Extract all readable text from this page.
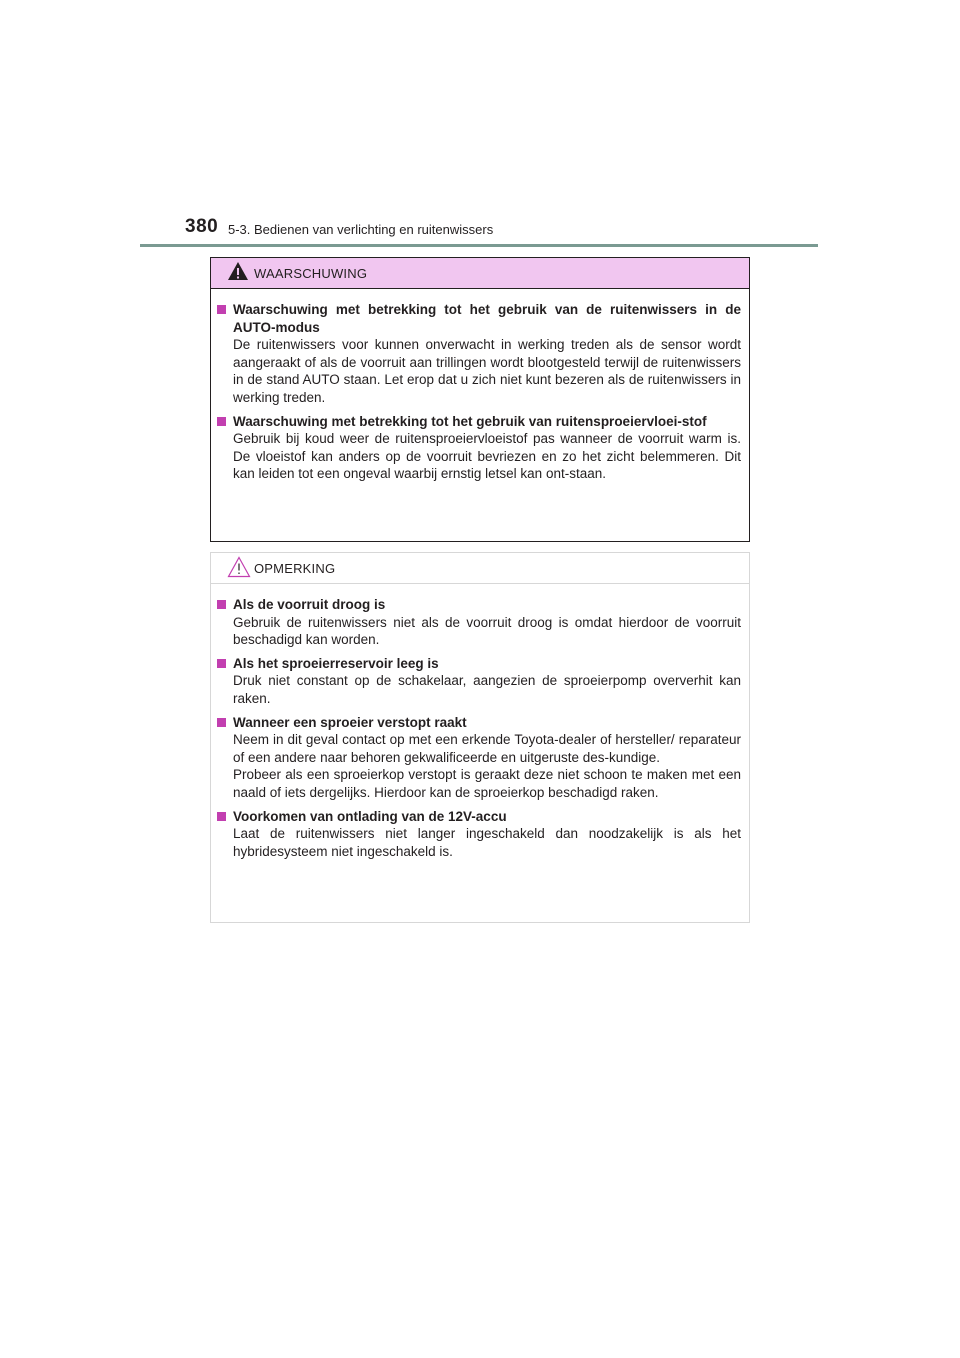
380 5-3. Bedienen van verlichting en ruitenwissers
WAARSCHUWING
Waarschuwing met betrekking tot het gebruik van de ruitenwissers in de AUTO-modus

De ruitenwissers voor kunnen onverwacht in werking treden als de sensor wordt aangeraakt of als de voorruit aan trillingen wordt blootgesteld terwijl de ruitenwissers in de stand AUTO staan. Let erop dat u zich niet kunt bezeren als de ruitenwissers in werking treden.

Waarschuwing met betrekking tot het gebruik van ruitensproeiervloei-stof

Gebruik bij koud weer de ruitensproeiervloeistof pas wanneer de voorruit warm is. De vloeistof kan anders op de voorruit bevriezen en zo het zicht belemmeren. Dit kan leiden tot een ongeval waarbij ernstig letsel kan ont-staan.

OPMERKING
Als de voorruit droog is

Gebruik de ruitenwissers niet als de voorruit droog is omdat hierdoor de voorruit beschadigd kan worden.

Als het sproeierreservoir leeg is

Druk niet constant op de schakelaar, aangezien de sproeierpomp oververhit kan raken.

Wanneer een sproeier verstopt raakt

Neem in dit geval contact op met een erkende Toyota-dealer of hersteller/ reparateur of een andere naar behoren gekwalificeerde en uitgeruste des-kundige.

Probeer als een sproeierkop verstopt is geraakt deze niet schoon te maken met een naald of iets dergelijks. Hierdoor kan de sproeierkop beschadigd raken.

Voorkomen van ontlading van de 12V-accu

Laat de ruitenwissers niet langer ingeschakeld dan noodzakelijk is als het hybridesysteem niet ingeschakeld is.
